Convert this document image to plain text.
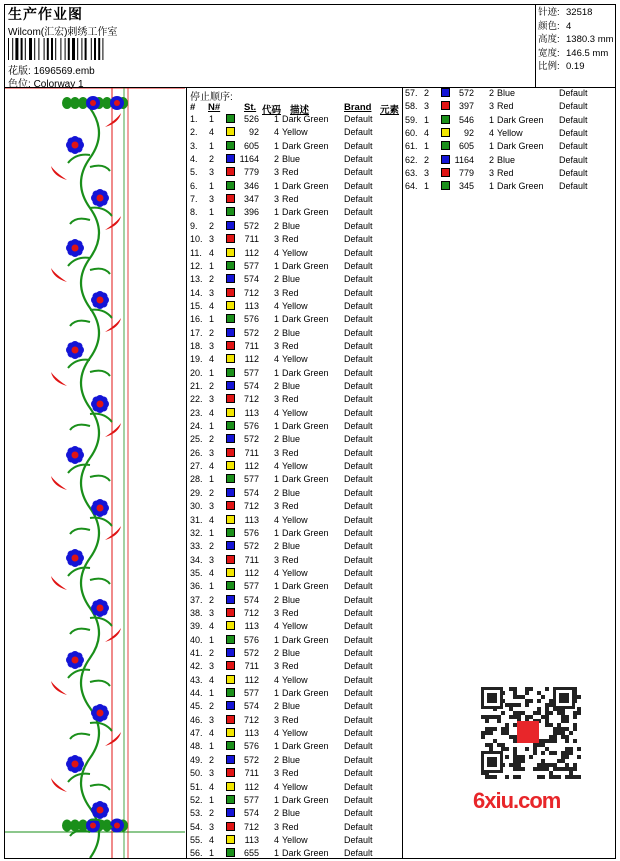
生产作业图
Wilcom(汇宏)刺绣工作室
花版: 1696569.emb
色位: Colorway 1
针迹: 32518
颜色: 4
高度: 1380.3 mm
宽度: 146.5 mm
比例: 0.19
停止顺序:
# N#	St. 代码 描述	Brand 元素
1. 1	526 1 Dark Green Default
2. 4	92 4 Yellow	Default
3. 1	605 1 Dark Green Default
4. 2	1164 2 Blue	Default
5. 3	779 3 Red	Default
6. 1	346 1 Dark Green Default
7. 3	347 3 Red	Default
8. 1	396 1 Dark Green Default
9. 2	572 2 Blue	Default
10. 3	711 3 Red	Default
11. 4	112 4 Yellow	Default
12. 1	577 1 Dark Green Default
13. 2	574 2 Blue	Default
14. 3	712 3 Red	Default
15. 4	113 4 Yellow	Default
16. 1	576 1 Dark Green Default
17. 2	572 2 Blue	Default
18. 3	711 3 Red	Default
19. 4	112 4 Yellow	Default
20. 1	577 1 Dark Green Default
21. 2	574 2 Blue	Default
22. 3	712 3 Red	Default
23. 4	113 4 Yellow	Default
24. 1	576 1 Dark Green Default
25. 2	572 2 Blue	Default
26. 3	711 3 Red	Default
27. 4	112 4 Yellow	Default
28. 1	577 1 Dark Green Default
29. 2	574 2 Blue	Default
30. 3	712 3 Red	Default
31. 4	113 4 Yellow	Default
32. 1	576 1 Dark Green Default
33. 2	572 2 Blue	Default
34. 3	711 3 Red	Default
35. 4	112 4 Yellow	Default
36. 1	577 1 Dark Green Default
37. 2	574 2 Blue	Default
38. 3	712 3 Red	Default
39. 4	113 4 Yellow	Default
40. 1	576 1 Dark Green Default
41. 2	572 2 Blue	Default
42. 3	711 3 Red	Default
43. 4	112 4 Yellow	Default
44. 1	577 1 Dark Green Default
45. 2	574 2 Blue	Default
46. 3	712 3 Red	Default
47. 4	113 4 Yellow	Default
48. 1	576 1 Dark Green Default
49. 2	572 2 Blue	Default
50. 3	711 3 Red	Default
51. 4	112 4 Yellow	Default
52. 1	577 1 Dark Green Default
53. 2	574 2 Blue	Default
54. 3	712 3 Red	Default
55. 4	113 4 Yellow	Default
56. 1	655 1 Dark Green Default
57. 2	572 2 Blue	Default
58. 3	397 3 Red	Default
59. 1	546 1 Dark Green Default
60. 4	92 4 Yellow	Default
61. 1	605 1 Dark Green Default
62. 2	1164 2 Blue	Default
63. 3	779 3 Red	Default
64. 1	345 1 Dark Green Default
6xiu.com
